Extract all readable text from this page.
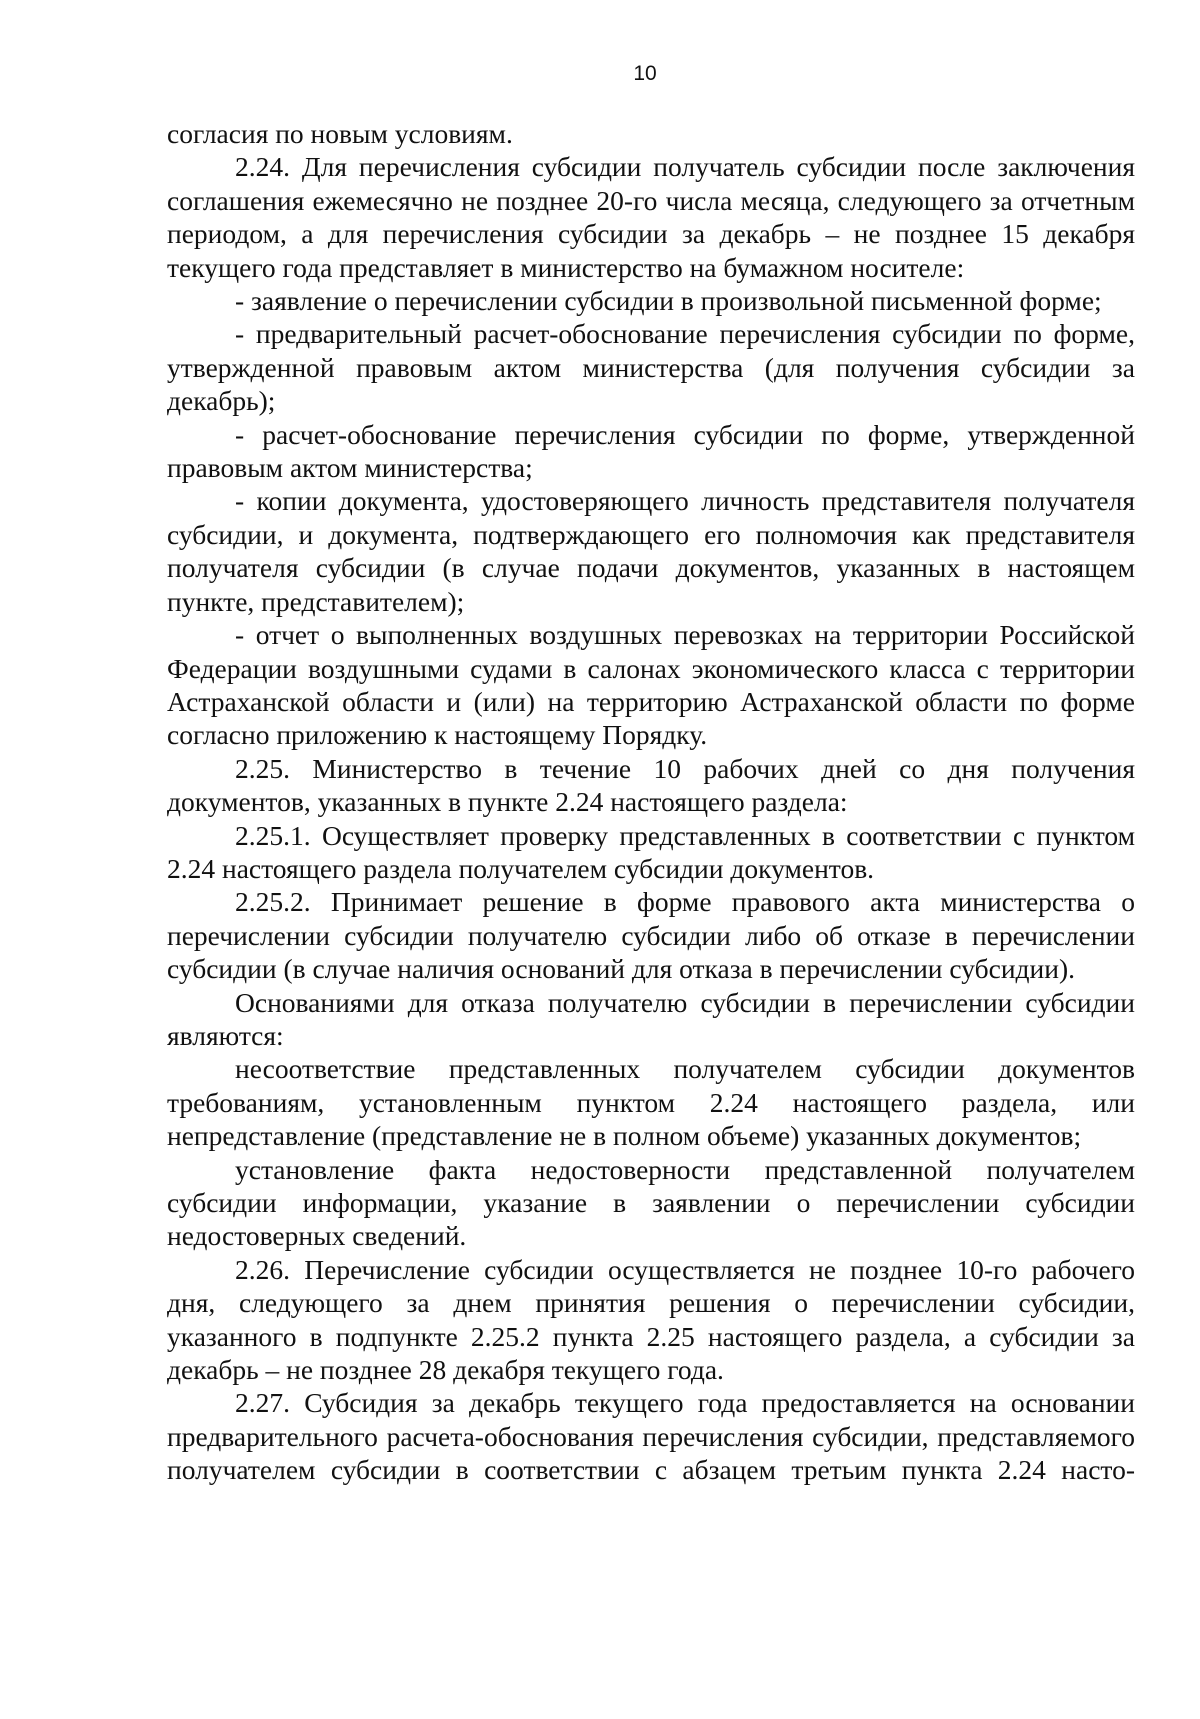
10

согласия по новым условиям.

2.24. Для перечисления субсидии получатель субсидии после заключения соглашения ежемесячно не позднее 20-го числа месяца, следующего за отчетным периодом, а для перечисления субсидии за декабрь – не позднее 15 декабря текущего года представляет в министерство на бумажном носителе:

- заявление о перечислении субсидии в произвольной письменной форме;

- предварительный расчет-обоснование перечисления субсидии по форме, утвержденной правовым актом министерства (для получения субсидии за декабрь);

- расчет-обоснование перечисления субсидии по форме, утвержденной правовым актом министерства;

- копии документа, удостоверяющего личность представителя получателя субсидии, и документа, подтверждающего его полномочия как представителя получателя субсидии (в случае подачи документов, указанных в настоящем пункте, представителем);

- отчет о выполненных воздушных перевозках на территории Российской Федерации воздушными судами в салонах экономического класса с территории Астраханской области и (или) на территорию Астраханской области по форме согласно приложению к настоящему Порядку.

2.25. Министерство в течение 10 рабочих дней со дня получения документов, указанных в пункте 2.24 настоящего раздела:

2.25.1. Осуществляет проверку представленных в соответствии с пунктом 2.24 настоящего раздела получателем субсидии документов.

2.25.2. Принимает решение в форме правового акта министерства о перечислении субсидии получателю субсидии либо об отказе в перечислении субсидии (в случае наличия оснований для отказа в перечислении субсидии).

Основаниями для отказа получателю субсидии в перечислении субсидии являются:

несоответствие представленных получателем субсидии документов требованиям, установленным пунктом 2.24 настоящего раздела, или непредставление (представление не в полном объеме) указанных документов;

установление факта недостоверности представленной получателем субсидии информации, указание в заявлении о перечислении субсидии недостоверных сведений.

2.26. Перечисление субсидии осуществляется не позднее 10-го рабочего дня, следующего за днем принятия решения о перечислении субсидии, указанного в подпункте 2.25.2 пункта 2.25 настоящего раздела, а субсидии за декабрь – не позднее 28 декабря текущего года.

2.27. Субсидия за декабрь текущего года предоставляется на основании предварительного расчета-обоснования перечисления субсидии, представляемого получателем субсидии в соответствии с абзацем третьим пункта 2.24 насто-
